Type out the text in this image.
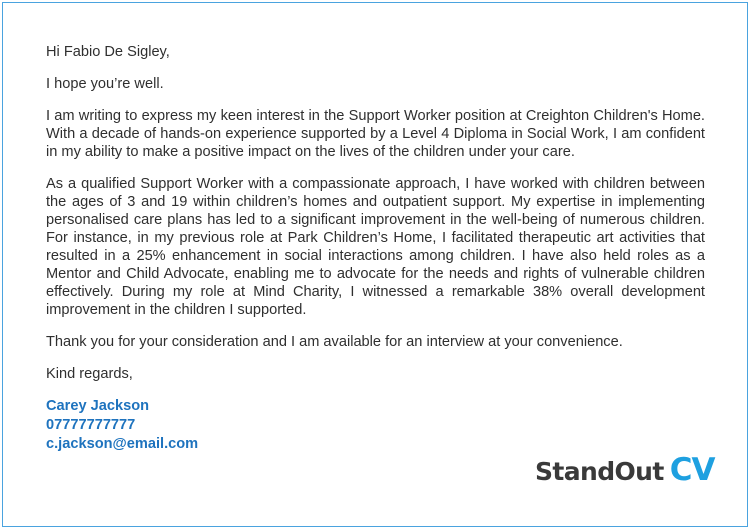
Hi Fabio De Sigley,

I hope you’re well.

I am writing to express my keen interest in the Support Worker position at Creighton Children's Home. With a decade of hands-on experience supported by a Level 4 Diploma in Social Work, I am confident in my ability to make a positive impact on the lives of the children under your care.

As a qualified Support Worker with a compassionate approach, I have worked with children between the ages of 3 and 19 within children’s homes and outpatient support. My expertise in implementing personalised care plans has led to a significant improvement in the well-being of numerous children. For instance, in my previous role at Park Children’s Home, I facilitated therapeutic art activities that resulted in a 25% enhancement in social interactions among children. I have also held roles as a Mentor and Child Advocate, enabling me to advocate for the needs and rights of vulnerable children effectively. During my role at Mind Charity, I witnessed a remarkable 38% overall development improvement in the children I supported.

Thank you for your consideration and I am available for an interview at your convenience.

Kind regards,

Carey Jackson
07777777777
c.jackson@email.com
StandOut CV
